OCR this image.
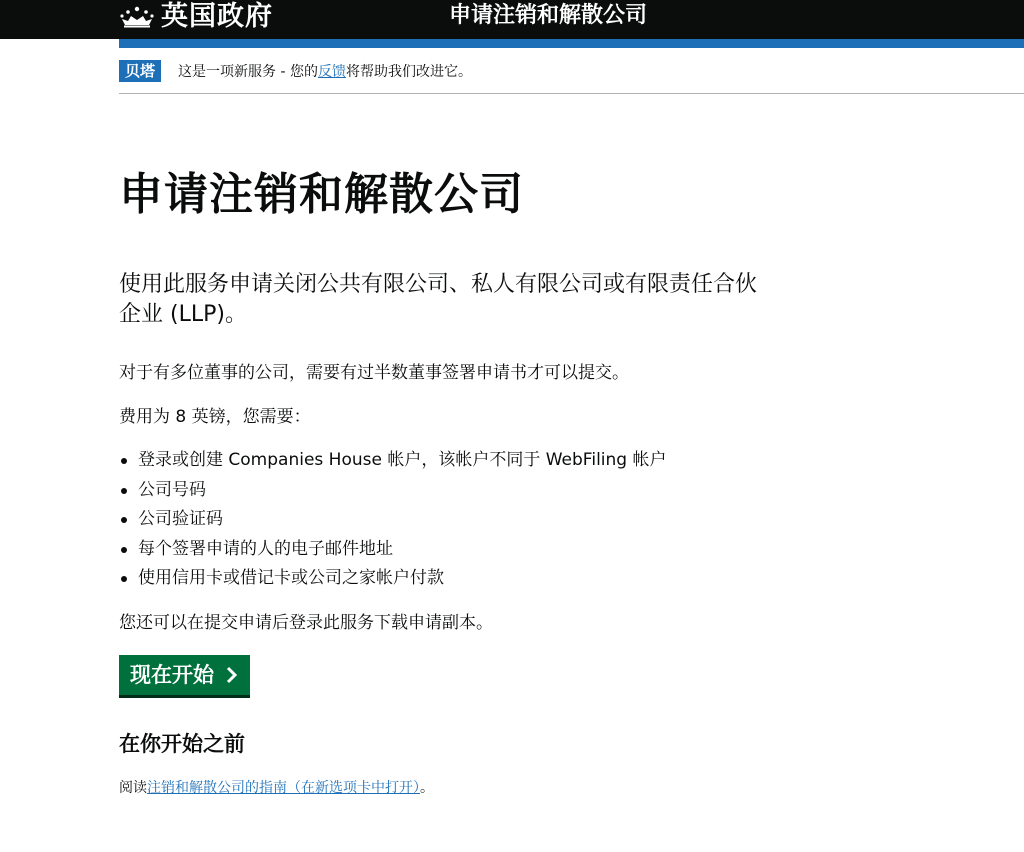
英国政府	申请注销和解散公司
贝塔	这是一项新服务 - 您的反馈将帮助我们改进它。
申请注销和解散公司

使用此服务申请关闭公共有限公司、私人有限公司或有限责任合伙企业 (LLP)。

对于有多位董事的公司，需要有过半数董事签署申请书才可以提交。

费用为 8 英镑，您需要：

登录或创建 Companies House 帐户，该帐户不同于 WebFiling 帐户
公司号码
公司验证码
每个签署申请的人的电子邮件地址
使用信用卡或借记卡或公司之家帐户付款

您还可以在提交申请后登录此服务下载申请副本。

现在开始
在你开始之前

阅读注销和解散公司的指南（在新选项卡中打开）。
